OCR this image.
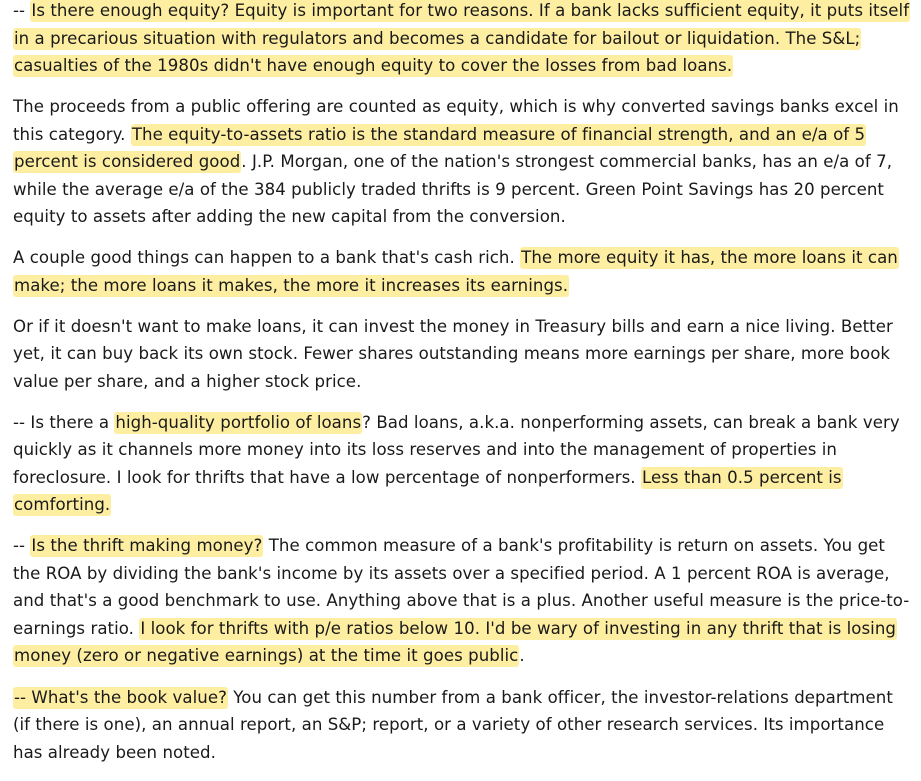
-- Is there enough equity? Equity is important for two reasons. If a bank lacks sufficient equity, it puts itself in a precarious situation with regulators and becomes a candidate for bailout or liquidation. The S&L; casualties of the 1980s didn't have enough equity to cover the losses from bad loans.

The proceeds from a public offering are counted as equity, which is why converted savings banks excel in this category. The equity-to-assets ratio is the standard measure of financial strength, and an e/a of 5 percent is considered good. J.P. Morgan, one of the nation's strongest commercial banks, has an e/a of 7, while the average e/a of the 384 publicly traded thrifts is 9 percent. Green Point Savings has 20 percent equity to assets after adding the new capital from the conversion.

A couple good things can happen to a bank that's cash rich. The more equity it has, the more loans it can make; the more loans it makes, the more it increases its earnings.

Or if it doesn't want to make loans, it can invest the money in Treasury bills and earn a nice living. Better yet, it can buy back its own stock. Fewer shares outstanding means more earnings per share, more book value per share, and a higher stock price.

-- Is there a high-quality portfolio of loans? Bad loans, a.k.a. nonperforming assets, can break a bank very quickly as it channels more money into its loss reserves and into the management of properties in foreclosure. I look for thrifts that have a low percentage of nonperformers. Less than 0.5 percent is comforting.

-- Is the thrift making money? The common measure of a bank's profitability is return on assets. You get the ROA by dividing the bank's income by its assets over a specified period. A 1 percent ROA is average, and that's a good benchmark to use. Anything above that is a plus. Another useful measure is the price-to-earnings ratio. I look for thrifts with p/e ratios below 10. I'd be wary of investing in any thrift that is losing money (zero or negative earnings) at the time it goes public.

-- What's the book value? You can get this number from a bank officer, the investor-relations department (if there is one), an annual report, an S&P; report, or a variety of other research services. Its importance has already been noted.
